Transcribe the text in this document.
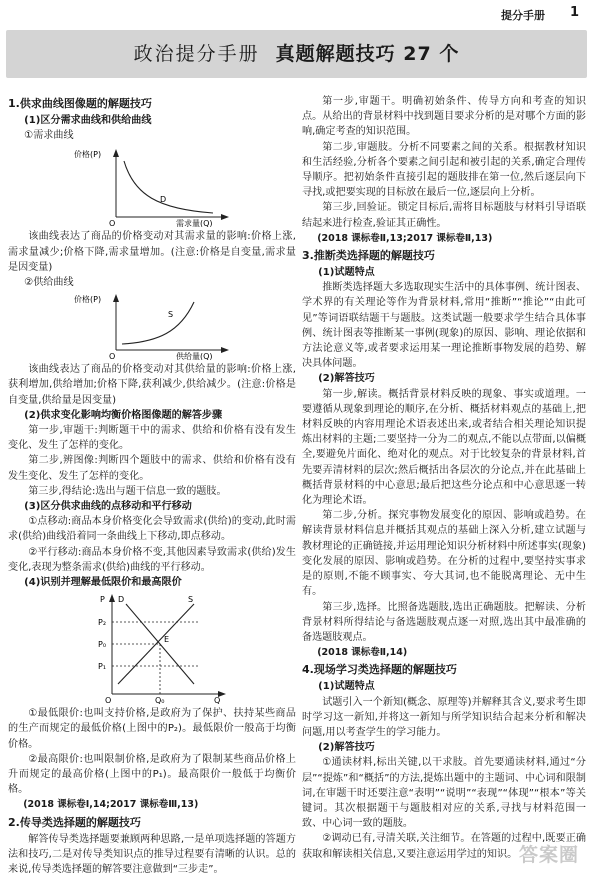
提分手册 1
政治提分手册 真题解题技巧 27 个

1.供求曲线图像题的解题技巧

(1)区分需求曲线和供给曲线

①需求曲线

价格(P)
O	需求量(Q)
D

该曲线表达了商品的价格变动对其需求量的影响:价格上涨,需求量减少;价格下降,需求量增加。(注意:价格是自变量,需求量是因变量)

②供给曲线

价格(P)
O	供给量(Q)
S

该曲线表达了商品的价格变动对其供给量的影响:价格上涨,获利增加,供给增加;价格下降,获利减少,供给减少。(注意:价格是自变量,供给量是因变量)

(2)供求变化影响均衡价格图像题的解答步骤

第一步,审题干:判断题干中的需求、供给和价格有没有发生变化、发生了怎样的变化。

第二步,辨图像:判断四个题肢中的需求、供给和价格有没有发生变化、发生了怎样的变化。

第三步,得结论:选出与题干信息一致的题肢。

(3)区分供求曲线的点移动和平行移动

①点移动:商品本身价格变化会导致需求(供给)的变动,此时需求(供给)曲线沿着同一条曲线上下移动,即点移动。

②平行移动:商品本身价格不变,其他因素导致需求(供给)发生变化,表现为整条需求(供给)曲线的平行移动。

(4)识别并理解最低限价和最高限价

D	S
E
P
P₂
P₀
P₁
O	Q₀	Q

①最低限价:也叫支持价格,是政府为了保护、扶持某些商品的生产而规定的最低价格(上图中的P₂)。最低限价一般高于均衡价格。

②最高限价:也叫限制价格,是政府为了限制某些商品价格上升而规定的最高价格(上图中的P₁)。最高限价一般低于均衡价格。

(2018 课标卷Ⅰ,14;2017 课标卷Ⅲ,13)

2.传导类选择题的解题技巧

解答传导类选择题要兼顾两种思路,一是单项选择题的答题方法和技巧,二是对传导类知识点的推导过程要有清晰的认识。总的来说,传导类选择题的解答要注意做到“三步走”。

第一步,审题干。明确初始条件、传导方向和考查的知识点。从给出的背景材料中找到题目要求分析的是对哪个方面的影响,确定考查的知识范围。

第二步,审题肢。分析不同要素之间的关系。根据教材知识和生活经验,分析各个要素之间引起和被引起的关系,确定合理传导顺序。把初始条件直接引起的题肢排在第一位,然后逐层向下寻找,或把要实现的目标放在最后一位,逐层向上分析。

第三步,回验证。锁定目标后,需将目标题肢与材料引导语联结起来进行检查,验证其正确性。

(2018 课标卷Ⅱ,13;2017 课标卷Ⅱ,13)

3.推断类选择题的解题技巧

(1)试题特点

推断类选择题大多选取现实生活中的具体事例、统计图表、学术界的有关理论等作为背景材料,常用“推断”“推论”“由此可见”等词语联结题干与题肢。这类试题一般要求学生结合具体事例、统计图表等推断某一事例(现象)的原因、影响、理论依据和方法论意义等,或者要求运用某一理论推断事物发展的趋势、解决具体问题。

(2)解答技巧

第一步,解读。概括背景材料反映的现象、事实或道理。一要遵循从现象到理论的顺序,在分析、概括材料观点的基础上,把材料反映的内容用理论术语表述出来,或者结合相关理论知识提炼出材料的主题;二要坚持一分为二的观点,不能以点带面,以偏概全,要避免片面化、绝对化的观点。对于比较复杂的背景材料,首先要弄清材料的层次;然后概括出各层次的分论点,并在此基础上概括背景材料的中心意思;最后把这些分论点和中心意思逐一转化为理论术语。

第二步,分析。探究事物发展变化的原因、影响或趋势。在解读背景材料信息并概括其观点的基础上深入分析,建立试题与教材理论的正确链接,并运用理论知识分析材料中所述事实(现象)变化发展的原因、影响或趋势。在分析的过程中,要坚持实事求是的原则,不能不顾事实、夸大其词,也不能脱离理论、无中生有。

第三步,选择。比照备选题肢,选出正确题肢。把解读、分析背景材料所得结论与备选题肢观点逐一对照,选出其中最准确的备选题肢观点。

(2018 课标卷Ⅱ,14)

4.现场学习类选择题的解题技巧

(1)试题特点

试题引入一个新知(概念、原理等)并解释其含义,要求考生即时学习这一新知,并将这一新知与所学知识结合起来分析和解决问题,用以考查学生的学习能力。

(2)解答技巧

①通读材料,标出关键,以干求肢。首先要通读材料,通过“分层”“提炼”和“概括”的方法,提炼出题中的主题词、中心词和限制词,在审题干时还要注意“表明”“说明”“表现”“体现”“根本”等关键词。其次根据题干与题肢相对应的关系,寻找与材料范围一致、中心词一致的题肢。

②调动已有,寻清关联,关注细节。在答题的过程中,既要正确获取和解读相关信息,又要注意运用学过的知识。 答案圈
